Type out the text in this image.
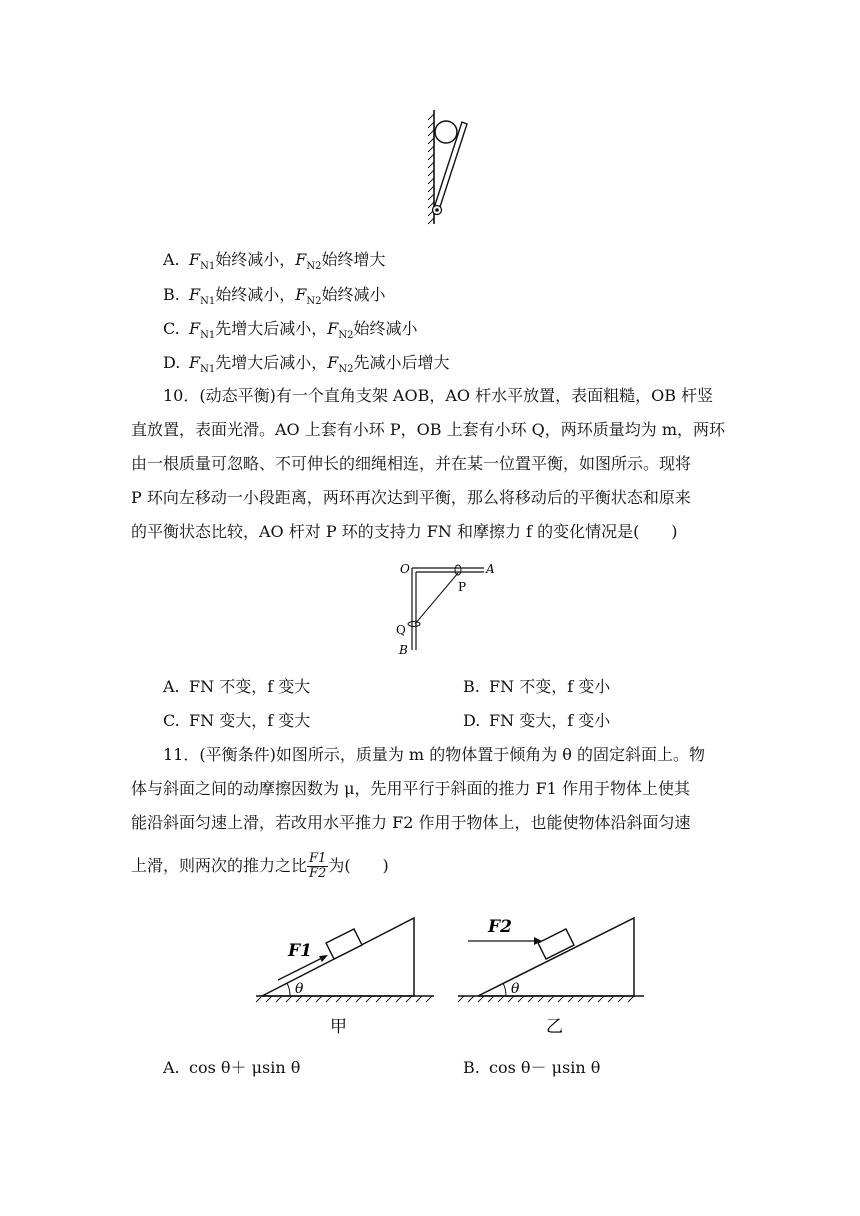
A. $F_{N1}$始终减小，$F_{N2}$始终增大
B. $F_{N1}$始终减小，$F_{N2}$始终减小
C. $F_{N1}$先增大后减小，$F_{N2}$始终减小
D. $F_{N1}$先增大后减小，$F_{N2}$先减小后增大
10．(动态平衡)有一个直角支架 AOB，AO 杆水平放置，表面粗糙，OB 杆竖
直放置，表面光滑。AO 上套有小环 P，OB 上套有小环 Q，两环质量均为 m，两环
由一根质量可忽略、不可伸长的细绳相连，并在某一位置平衡，如图所示。现将
P 环向左移动一小段距离，两环再次达到平衡，那么将移动后的平衡状态和原来
的平衡状态比较，AO 杆对 P 环的支持力 FN 和摩擦力 f 的变化情况是(　　)
O	A
P
Q
B
A. FN 不变，f 变大	B. FN 不变，f 变小
C. FN 变大，f 变大	D. FN 变大，f 变小
11．(平衡条件)如图所示，质量为 m 的物体置于倾角为 θ 的固定斜面上。物
体与斜面之间的动摩擦因数为 μ，先用平行于斜面的推力 F1 作用于物体上使其
能沿斜面匀速上滑，若改用水平推力 F2 作用于物体上，也能使物体沿斜面匀速
上滑，则两次的推力之比 $\frac{F1}{F2}$ 为(　　)
θ
F1
甲
θ
F2
乙
A. cos θ＋ μsin θ	B. cos θ－ μsin θ
